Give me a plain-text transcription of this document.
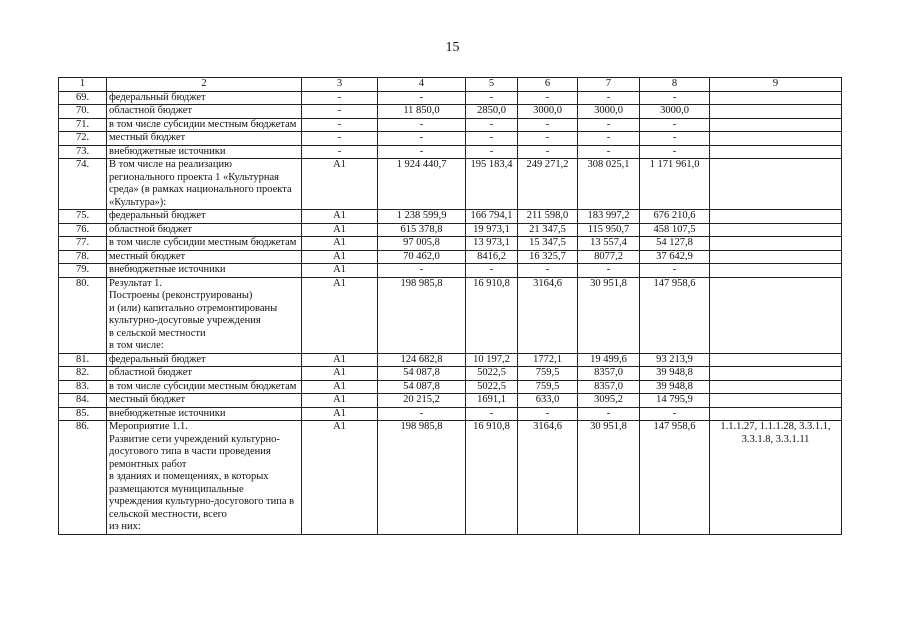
15
1	2	3	4	5	6	7	8	9
69.	федеральный бюджет	-	-	-	-	-	-	
70.	областной бюджет	-	11 850,0	2850,0	3000,0	3000,0	3000,0	
71.	в том числе субсидии местным бюджетам	-	-	-	-	-	-	
72.	местный бюджет	-	-	-	-	-	-	
73.	внебюджетные источники	-	-	-	-	-	-	
74.	В том числе на реализацию регионального проекта 1 «Культурная среда» (в рамках национального проекта «Культура»):	A1	1 924 440,7	195 183,4	249 271,2	308 025,1	1 171 961,0	
75.	федеральный бюджет	A1	1 238 599,9	166 794,1	211 598,0	183 997,2	676 210,6	
76.	областной бюджет	A1	615 378,8	19 973,1	21 347,5	115 950,7	458 107,5	
77.	в том числе субсидии местным бюджетам	A1	97 005,8	13 973,1	15 347,5	13 557,4	54 127,8	
78.	местный бюджет	A1	70 462,0	8416,2	16 325,7	8077,2	37 642,9	
79.	внебюджетные источники	A1	-	-	-	-	-	
80.	Результат 1.
Построены (реконструированы)
и (или) капитально отремонтированы культурно-досуговые учреждения
в сельской местности
в том числе:	A1	198 985,8	16 910,8	3164,6	30 951,8	147 958,6	
81.	федеральный бюджет	A1	124 682,8	10 197,2	1772,1	19 499,6	93 213,9	
82.	областной бюджет	A1	54 087,8	5022,5	759,5	8357,0	39 948,8	
83.	в том числе субсидии местным бюджетам	A1	54 087,8	5022,5	759,5	8357,0	39 948,8	
84.	местный бюджет	A1	20 215,2	1691,1	633,0	3095,2	14 795,9	
85.	внебюджетные источники	A1	-	-	-	-	-	
86.	Мероприятие 1.1.
Развитие сети учреждений культурно-досугового типа в части проведения ремонтных работ
в зданиях и помещениях, в которых размещаются муниципальные учреждения культурно-досугового типа в сельской местности, всего
из них:	A1	198 985,8	16 910,8	3164,6	30 951,8	147 958,6	1.1.1.27, 1.1.1.28, 3.3.1.1, 3.3.1.8, 3.3.1.11
